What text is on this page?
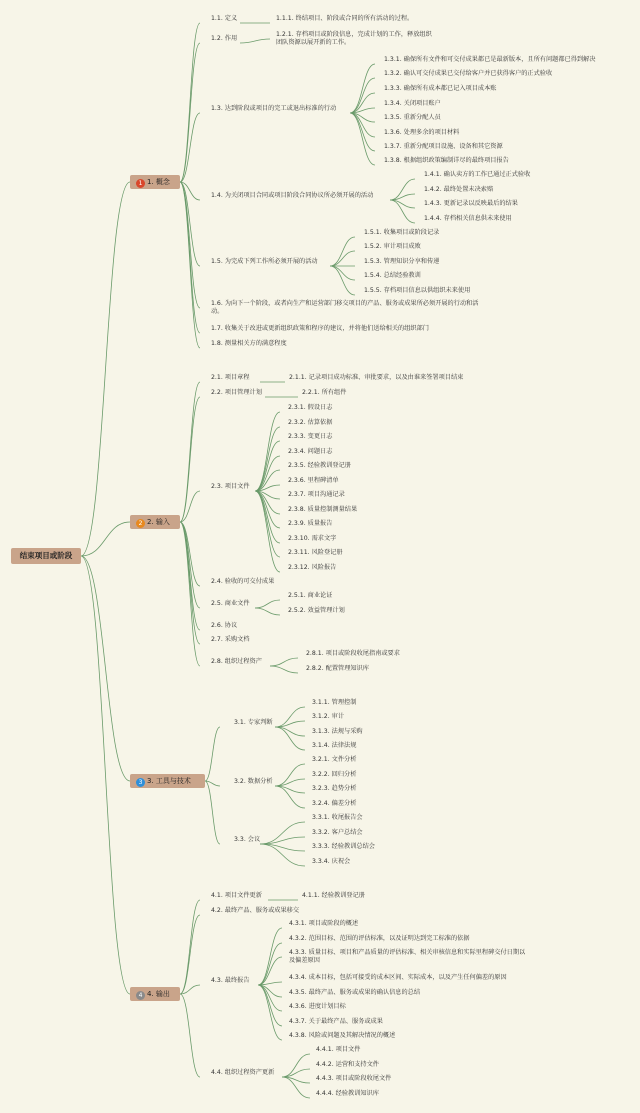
结束项目或阶段
1 1. 概念
2 2. 输入
3 3. 工具与技术
4 4. 输出
1.1. 定义	1.1.1. 终结项目、阶段或合同的所有活动的过程。
1.2. 作用
1.2.1. 存档项目或阶段信息，完成计划的工作，释放组织团队资源以展开新的工作。
1.3. 达到阶段或项目的完工或退出标准的行动
1.3.1. 确保所有文件和可交付成果都已是最新版本，且所有问题都已得到解决
1.3.2. 确认可交付成果已交付给客户并已获得客户的正式验收
1.3.3. 确保所有成本都已记入项目成本账
1.3.4. 关闭项目账户
1.3.5. 重新分配人员
1.3.6. 处理多余的项目材料
1.3.7. 重新分配项目设施、设备和其它资源
1.3.8. 根据组织政策编制详尽的最终项目报告
1.4. 为关闭项目合同或项目阶段合同协议所必须开展的活动
1.4.1. 确认卖方的工作已通过正式验收
1.4.2. 最终处置未决索赔
1.4.3. 更新记录以反映最后的结果
1.4.4. 存档相关信息供未来使用
1.5. 为完成下列工作所必须开展的活动
1.5.1. 收集项目或阶段记录
1.5.2. 审计项目成败
1.5.3. 管理知识分享和传递
1.5.4. 总结经验教训
1.5.5. 存档项目信息以供组织未来使用
1.6. 为向下一个阶段，或者向生产和运营部门移交项目的产品、服务或成果所必须开展的行动和活动。
1.7. 收集关于改进或更新组织政策和程序的建议，并将他们送给相关的组织部门
1.8. 测量相关方的满意程度
2.1. 项目章程	2.1.1. 记录项目成功标准、审批要求，以及由谁来签署项目结束
2.2. 项目管理计划	2.2.1. 所有组件
2.3. 项目文件
2.3.1. 假设日志
2.3.2. 估算依据
2.3.3. 变更日志
2.3.4. 问题日志
2.3.5. 经验教训登记册
2.3.6. 里程碑清单
2.3.7. 项目沟通记录
2.3.8. 质量控制测量结果
2.3.9. 质量报告
2.3.10. 需求文字
2.3.11. 风险登记册
2.3.12. 风险报告
2.4. 验收的可交付成果
2.5. 商业文件
2.5.1. 商业论证
2.5.2. 效益管理计划
2.6. 协议
2.7. 采购文档
2.8. 组织过程资产
2.8.1. 项目或阶段收尾指南或要求
2.8.2. 配置管理知识库
3.1. 专家判断
3.1.1. 管理控制
3.1.2. 审计
3.1.3. 法规与采购
3.1.4. 法律法规
3.2. 数据分析
3.2.1. 文件分析
3.2.2. 回归分析
3.2.3. 趋势分析
3.2.4. 偏差分析
3.3. 会议
3.3.1. 收尾报告会
3.3.2. 客户总结会
3.3.3. 经验教训总结会
3.3.4. 庆祝会
4.1. 项目文件更新	4.1.1. 经验教训登记册
4.2. 最终产品、服务或成果移交
4.3. 最终报告
4.3.1. 项目或阶段的概述
4.3.2. 范围目标、范围的评估标准，以及证明达到完工标准的依据
4.3.3. 质量目标、项目和产品质量的评估标准、相关审核信息和实际里程碑交付日期以及偏差原因
4.3.4. 成本目标，包括可接受的成本区间、实际成本，以及产生任何偏差的原因
4.3.5. 最终产品、服务或成果的确认信息的总结
4.3.6. 进度计划目标
4.3.7. 关于最终产品、服务或成果
4.3.8. 风险或问题及其解决情况的概述
4.4. 组织过程资产更新
4.4.1. 项目文件
4.4.2. 运营和支持文件
4.4.3. 项目或阶段收尾文件
4.4.4. 经验教训知识库
